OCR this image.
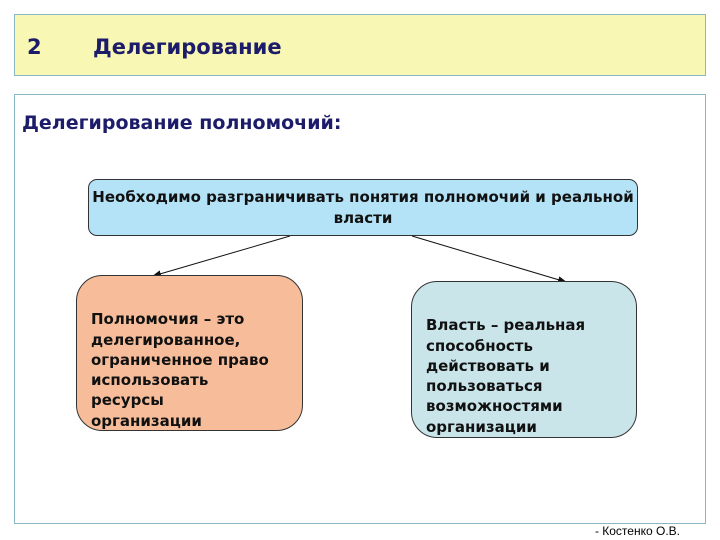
2 Делегирование
Делегирование полномочий:
Необходимо разграничивать понятия полномочий и реальной власти

Полномочия – это
делегированное,
ограниченное право
использовать
ресурсы
организации

Власть – реальная
способность
действовать и
пользоваться
возможностями
организации

- Костенко О.В.
